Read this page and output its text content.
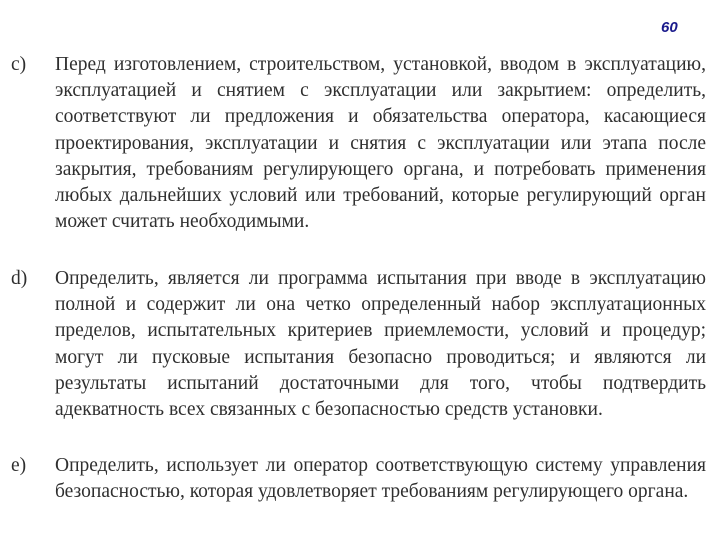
60
c) Перед изготовлением, строительством, установкой, вводом в эксплуатацию, эксплуатацией и снятием с эксплуатации или закрытием: определить, соответствуют ли предложения и обязательства оператора, касающиеся проектирования, эксплуатации и снятия с эксплуатации или этапа после закрытия, требованиям регулирующего органа, и потребовать применения любых дальнейших условий или требований, которые регулирующий орган может считать необходимыми.
d) Определить, является ли программа испытания при вводе в эксплуатацию полной и содержит ли она четко определенный набор эксплуатационных пределов, испытательных критериев приемлемости, условий и процедур; могут ли пусковые испытания безопасно проводиться; и являются ли результаты испытаний достаточными для того, чтобы подтвердить адекватность всех связанных с безопасностью средств установки.
e) Определить, использует ли оператор соответствующую систему управления безопасностью, которая удовлетворяет требованиям регулирующего органа.
